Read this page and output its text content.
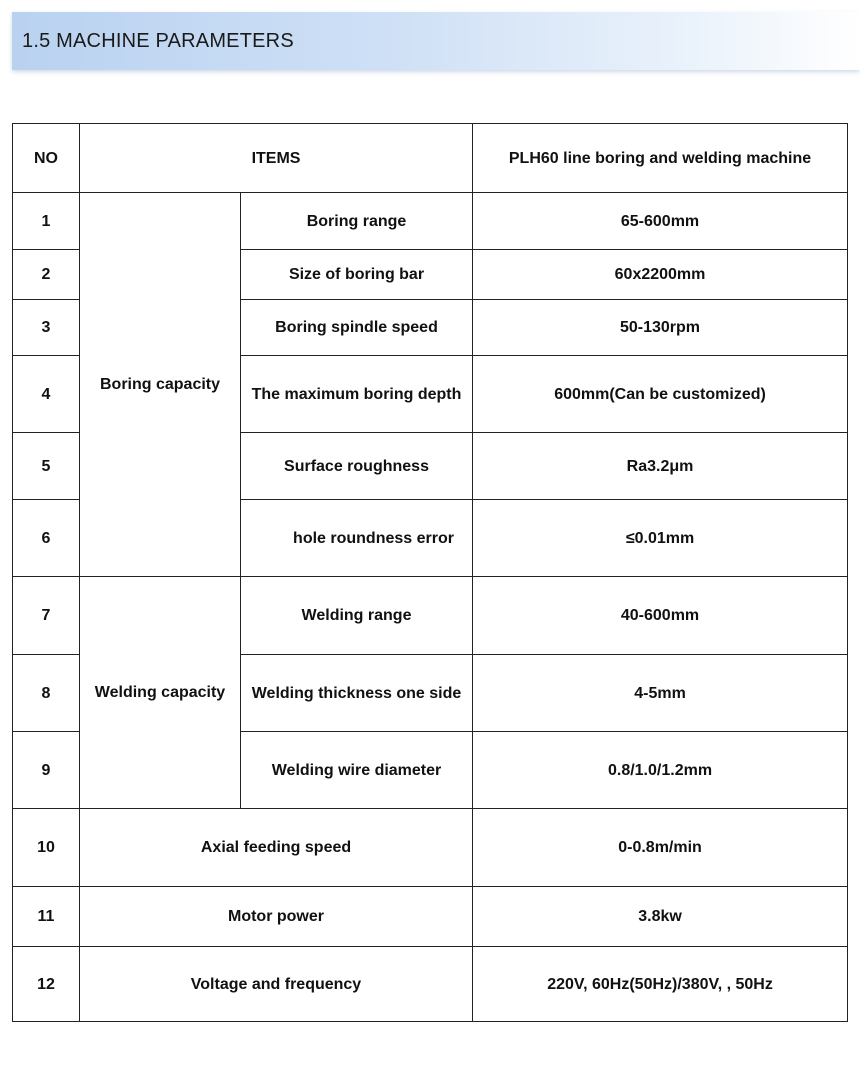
1.5 MACHINE PARAMETERS
NO	ITEMS		PLH60 line boring and welding machine
1	Boring capacity	Boring range	65-600mm
2		Size of boring bar	60x2200mm
3		Boring spindle speed	50-130rpm
4		The maximum boring depth	600mm(Can be customized)
5		Surface roughness	Ra3.2μm
6		hole roundness error	≤0.01mm
7	Welding capacity	Welding range	40-600mm
8		Welding thickness one side	4-5mm
9		Welding wire diameter	0.8/1.0/1.2mm
10	Axial feeding speed		0-0.8m/min
11	Motor power		3.8kw
12	Voltage and frequency		220V, 60Hz(50Hz)/380V, , 50Hz
